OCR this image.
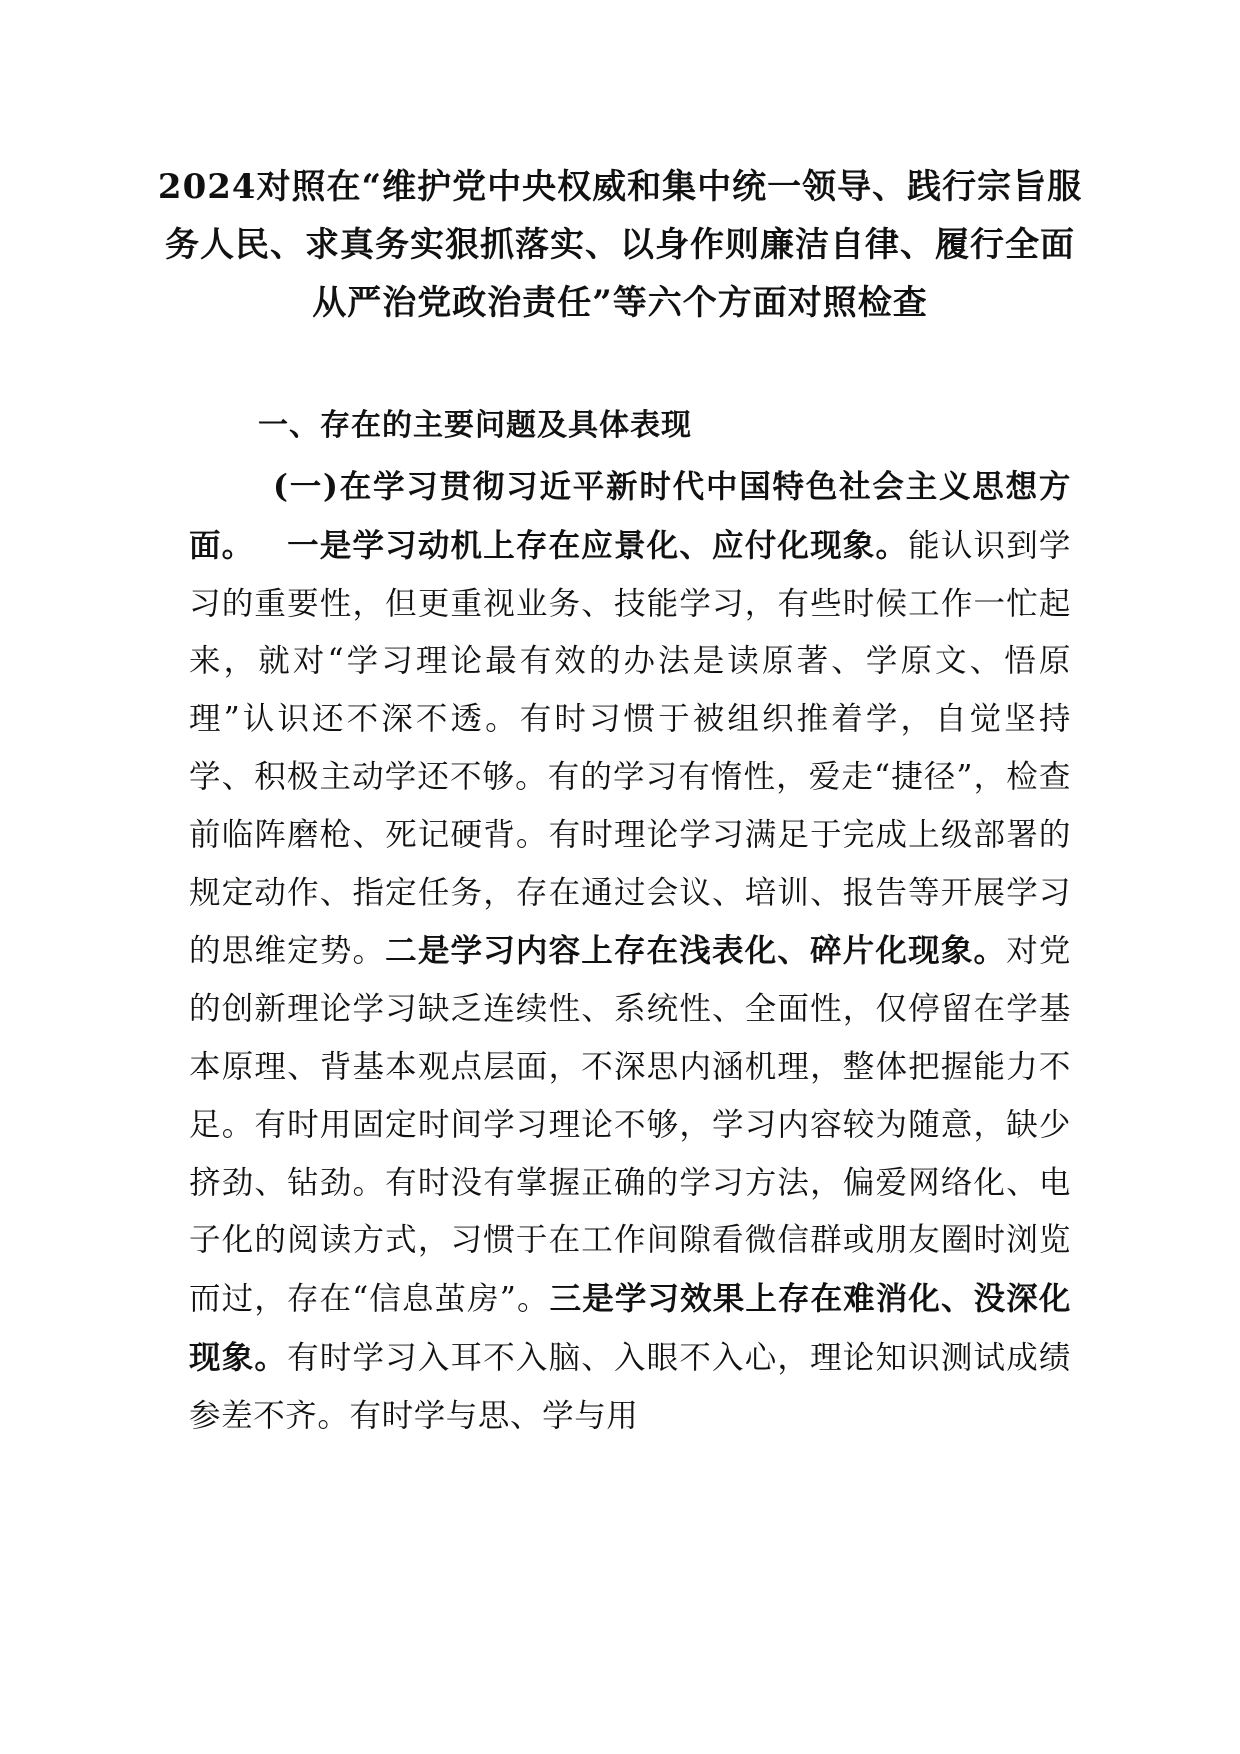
2024对照在“维护党中央权威和集中统一领导、践行宗旨服务人民、求真务实狠抓落实、以身作则廉洁自律、履行全面从严治党政治责任”等六个方面对照检查
一、存在的主要问题及具体表现

(一)在学习贯彻习近平新时代中国特色社会主义思想方面。  一是学习动机上存在应景化、应付化现象。能认识到学习的重要性，但更重视业务、技能学习，有些时候工作一忙起来，就对“学习理论最有效的办法是读原著、学原文、悟原理”认识还不深不透。有时习惯于被组织推着学，自觉坚持学、积极主动学还不够。有的学习有惰性，爱走“捷径”，检查前临阵磨枪、死记硬背。有时理论学习满足于完成上级部署的规定动作、指定任务，存在通过会议、培训、报告等开展学习的思维定势。二是学习内容上存在浅表化、碎片化现象。对党的创新理论学习缺乏连续性、系统性、全面性，仅停留在学基本原理、背基本观点层面，不深思内涵机理，整体把握能力不足。有时用固定时间学习理论不够，学习内容较为随意，缺少挤劲、钻劲。有时没有掌握正确的学习方法，偏爱网络化、电子化的阅读方式，习惯于在工作间隙看微信群或朋友圈时浏览而过，存在“信息茧房”。三是学习效果上存在难消化、没深化现象。有时学习入耳不入脑、入眼不入心，理论知识测试成绩参差不齐。有时学与思、学与用
